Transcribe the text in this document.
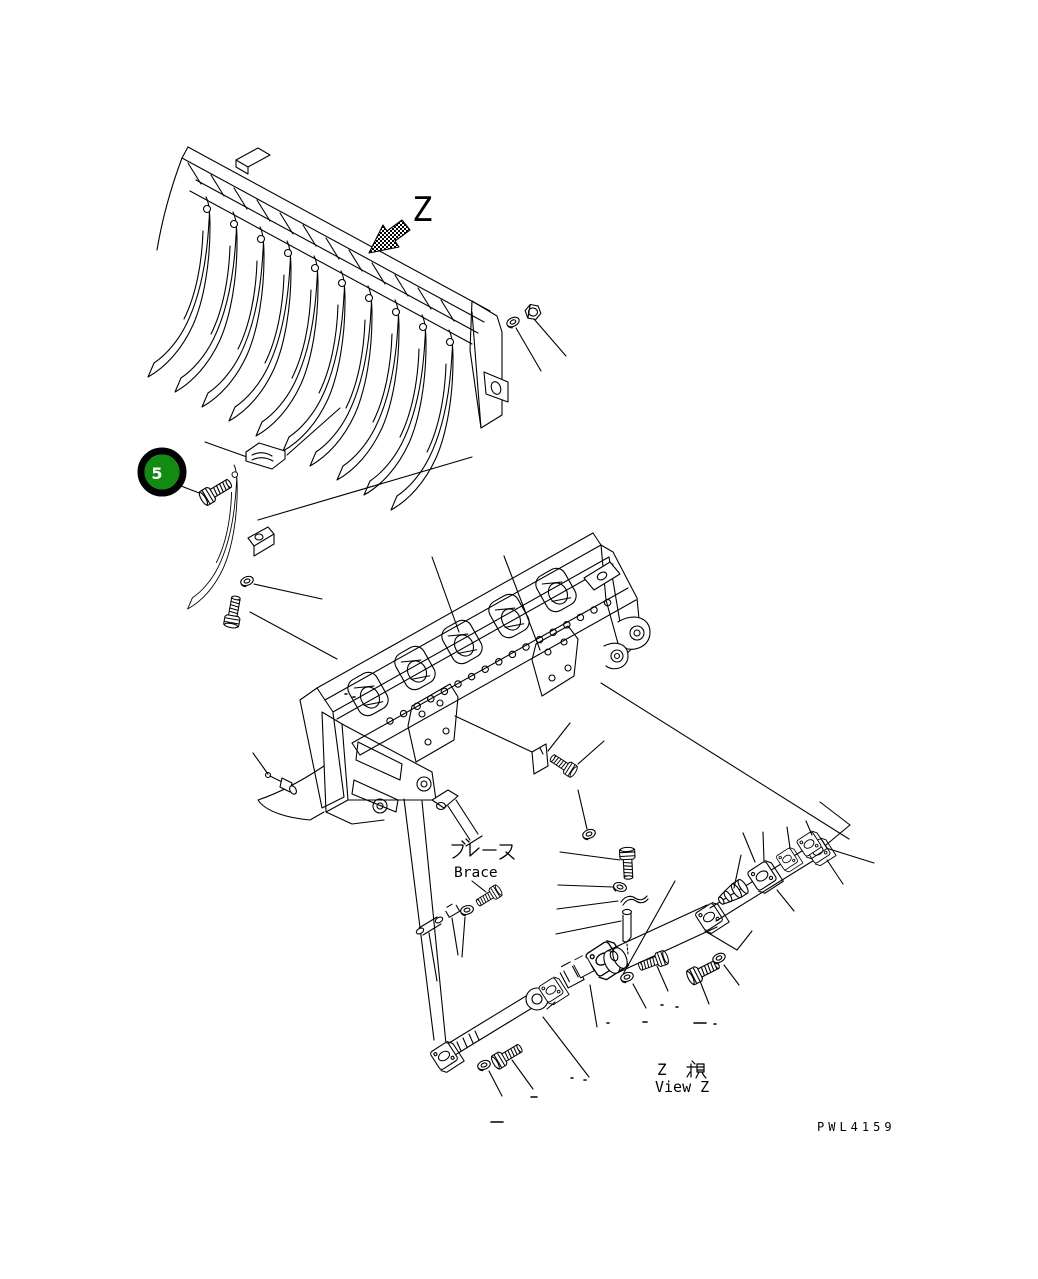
Z
5
Brace
Z
View Z
PWL4159
